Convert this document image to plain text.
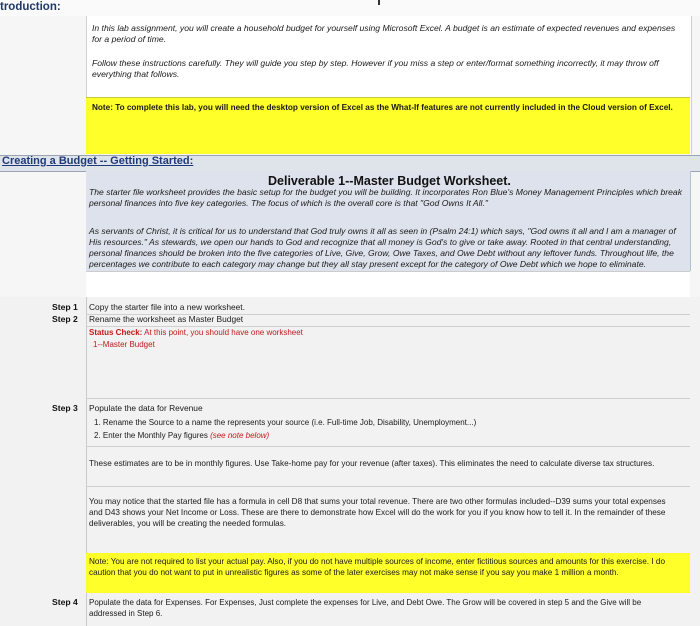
troduction:
In this lab assignment, you will create a household budget for yourself using Microsoft Excel. A budget is an estimate of expected revenues and expenses for a period of time.
Follow these instructions carefully. They will guide you step by step. However if you miss a step or enter/format something incorrectly, it may throw off everything that follows.
Note: To complete this lab, you will need the desktop version of Excel as the What-If features are not currently included in the Cloud version of Excel.
Creating a Budget -- Getting Started:
Deliverable 1--Master Budget Worksheet.
The starter file worksheet provides the basic setup for the budget you will be building. It incorporates Ron Blue's Money Management Principles which break personal finances into five key categories. The focus of which is the overall core is that "God Owns It All."
As servants of Christ, it is critical for us to understand that God truly owns it all as seen in (Psalm 24:1) which says, "God owns it all and I am a manager of His resources." As stewards, we open our hands to God and recognize that all money is God's to give or take away. Rooted in that central understanding, personal finances should be broken into the five categories of Live, Give, Grow, Owe Taxes, and Owe Debt without any leftover funds. Throughout life, the percentages we contribute to each category may change but they all stay present except for the category of Owe Debt which we hope to eliminate.
Step 1 Copy the starter file into a new worksheet.
Step 2 Rename the worksheet as Master Budget
Status Check: At this point, you should have one worksheet
1--Master Budget
Step 3 Populate the data for Revenue
1. Rename the Source to a name the represents your source (i.e. Full-time Job, Disability, Unemployment...)
2. Enter the Monthly Pay figures (see note below)
These estimates are to be in monthly figures. Use Take-home pay for your revenue (after taxes). This eliminates the need to calculate diverse tax structures.
You may notice that the started file has a formula in cell D8 that sums your total revenue. There are two other formulas included--D39 sums your total expenses and D43 shows your Net Income or Loss. These are there to demonstrate how Excel will do the work for you if you know how to tell it. In the remainder of these deliverables, you will be creating the needed formulas.
Note: You are not required to list your actual pay. Also, if you do not have multiple sources of income, enter fictitious sources and amounts for this exercise. I do caution that you do not want to put in unrealistic figures as some of the later exercises may not make sense if you say you make 1 million a month.
Step 4 Populate the data for Expenses. For Expenses, Just complete the expenses for Live, and Debt Owe. The Grow will be covered in step 5 and the Give will be addressed in Step 6.
